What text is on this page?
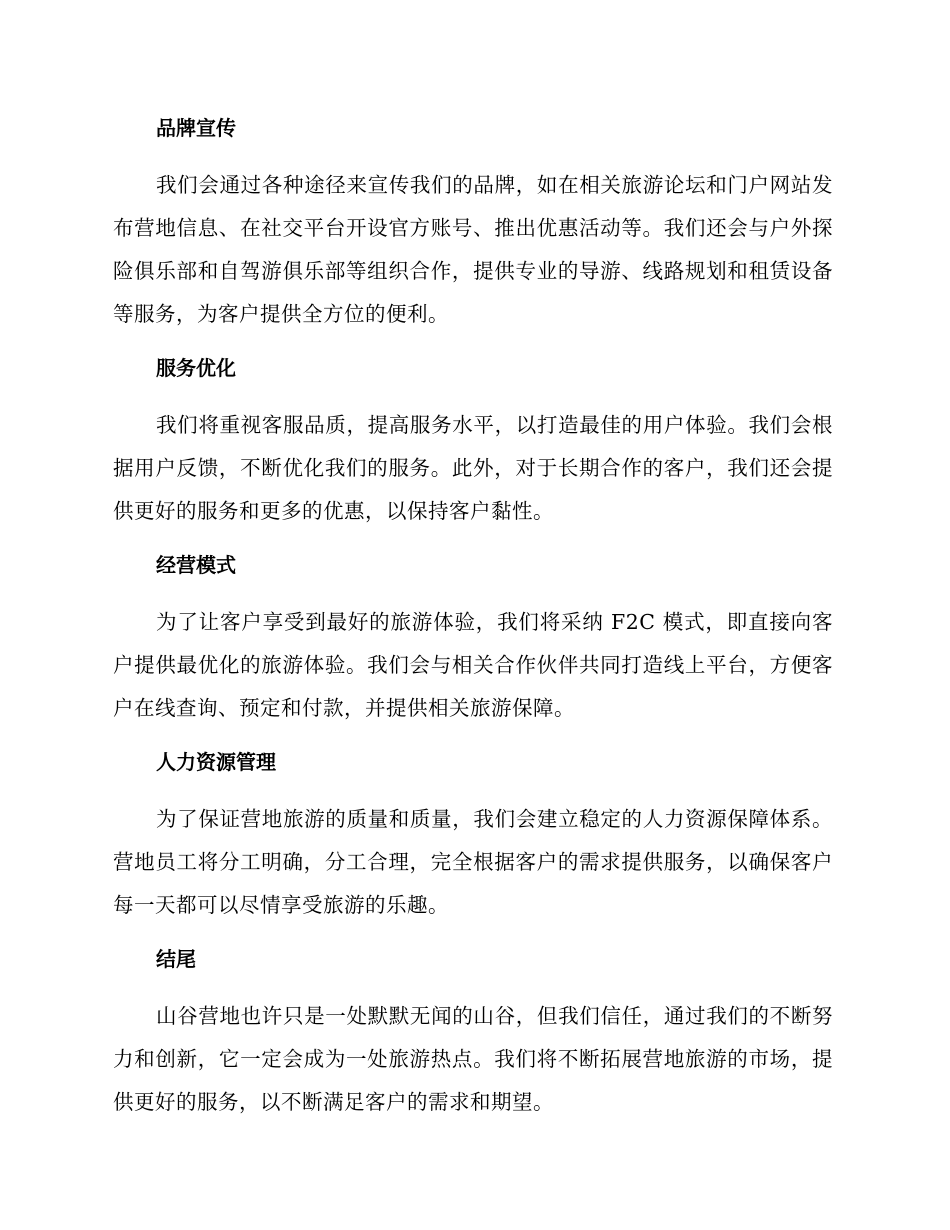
品牌宣传

我们会通过各种途径来宣传我们的品牌，如在相关旅游论坛和门户网站发布营地信息、在社交平台开设官方账号、推出优惠活动等。我们还会与户外探险俱乐部和自驾游俱乐部等组织合作，提供专业的导游、线路规划和租赁设备等服务，为客户提供全方位的便利。

服务优化

我们将重视客服品质，提高服务水平，以打造最佳的用户体验。我们会根据用户反馈，不断优化我们的服务。此外，对于长期合作的客户，我们还会提供更好的服务和更多的优惠，以保持客户黏性。

经营模式

为了让客户享受到最好的旅游体验，我们将采纳 F2C 模式，即直接向客户提供最优化的旅游体验。我们会与相关合作伙伴共同打造线上平台，方便客户在线查询、预定和付款，并提供相关旅游保障。

人力资源管理

为了保证营地旅游的质量和质量，我们会建立稳定的人力资源保障体系。营地员工将分工明确，分工合理，完全根据客户的需求提供服务，以确保客户每一天都可以尽情享受旅游的乐趣。

结尾

山谷营地也许只是一处默默无闻的山谷，但我们信任，通过我们的不断努力和创新，它一定会成为一处旅游热点。我们将不断拓展营地旅游的市场，提供更好的服务，以不断满足客户的需求和期望。
